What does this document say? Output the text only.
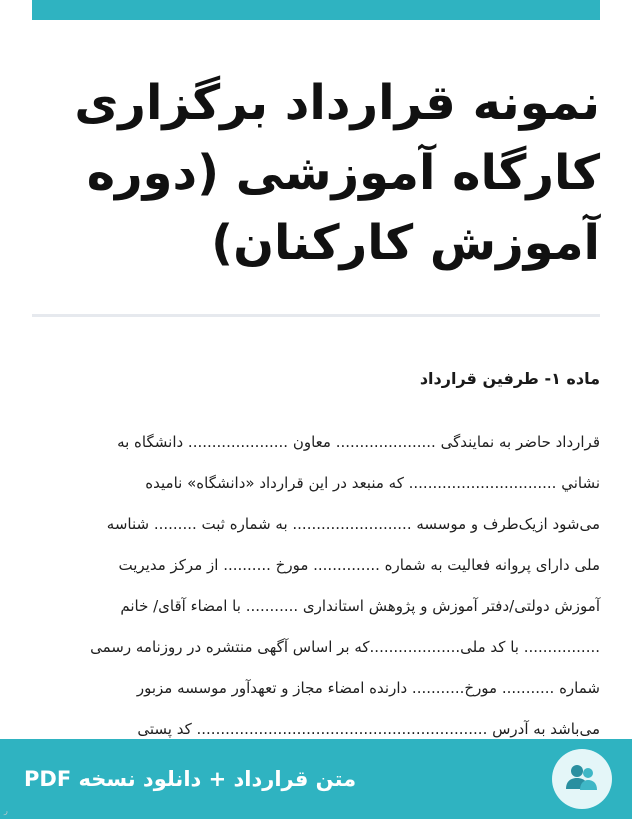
نمونه قرارداد برگزاری
کارگاه آموزشی (دوره
آموزش کارکنان)
ماده ۱- طرفین قرارداد
قرارداد حاضر به نمایندگی ..................... معاون ..................... دانشگاه به
نشاني ............................... که منبعد در این قرارداد «دانشگاه» نامیده
می‌شود ازیک‌طرف و موسسه ......................... به شماره ثبت ......... شناسه
ملی دارای پروانه فعالیت به شماره .............. مورخ .......... از مرکز مدیریت
آموزش دولتی/دفتر آموزش و پژوهش استانداری ........... با امضاء آقای/ خانم
................ با کد ملی...................که بر اساس آگهی منتشره در روزنامه رسمی
شماره ........... مورخ........... دارنده امضاء مجاز و تعهدآور موسسه مزبور
می‌باشد به آدرس ............................................................. کد پستی
متن قرارداد + دانلود نسخه PDF
ر
